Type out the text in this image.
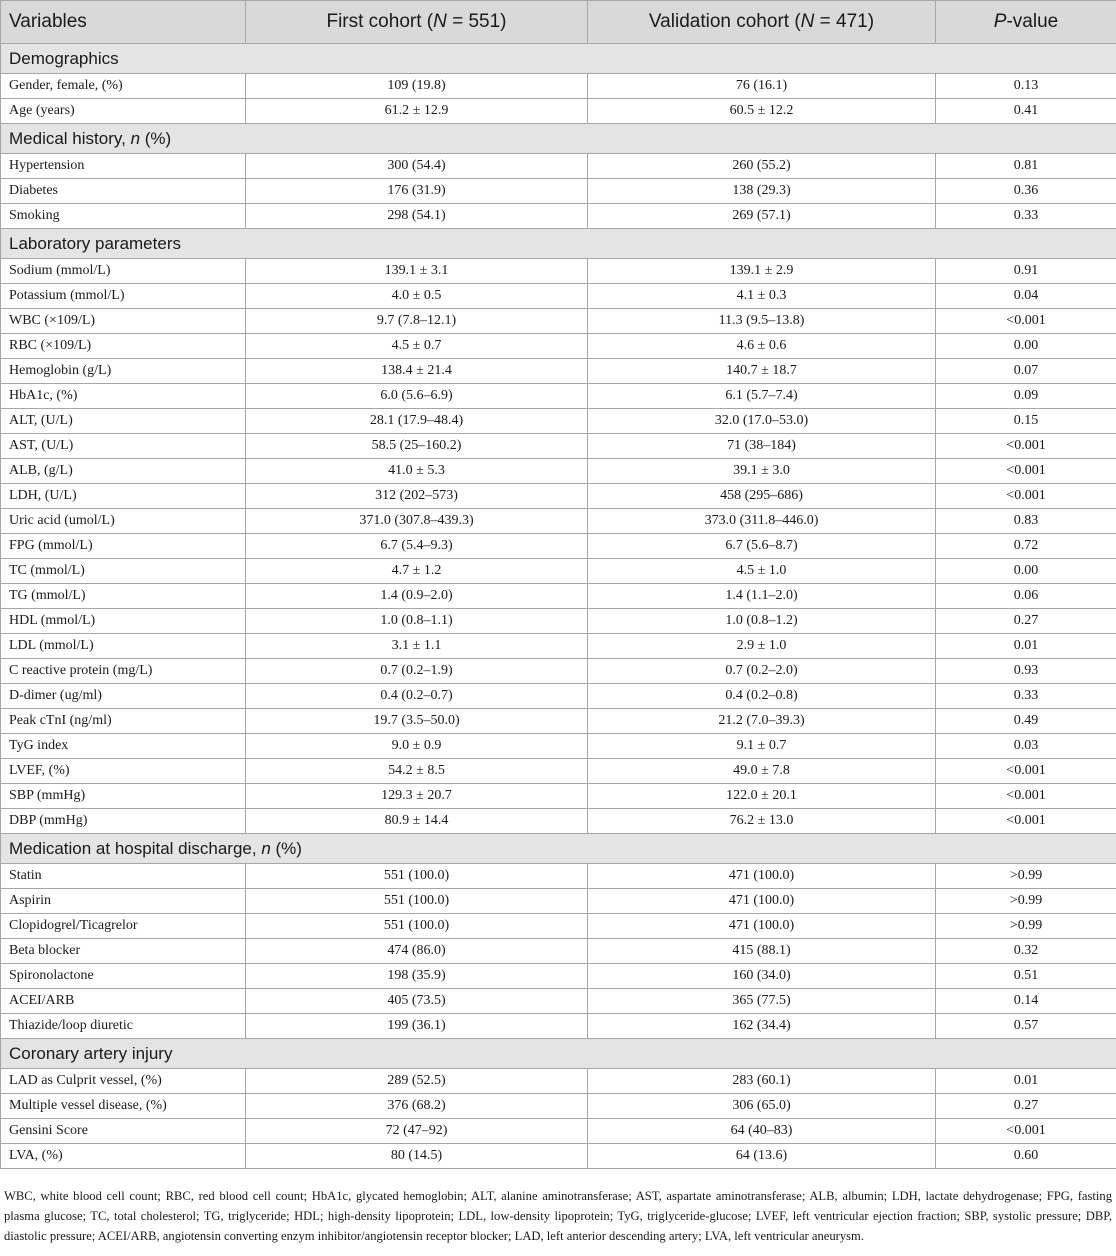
Variables	First cohort (N = 551)	Validation cohort (N = 471)	P-value
Demographics			
Gender, female, (%)	109 (19.8)	76 (16.1)	0.13
Age (years)	61.2 ± 12.9	60.5 ± 12.2	0.41
Medical history, n (%)			
Hypertension	300 (54.4)	260 (55.2)	0.81
Diabetes	176 (31.9)	138 (29.3)	0.36
Smoking	298 (54.1)	269 (57.1)	0.33
Laboratory parameters			
Sodium (mmol/L)	139.1 ± 3.1	139.1 ± 2.9	0.91
Potassium (mmol/L)	4.0 ± 0.5	4.1 ± 0.3	0.04
WBC (×109/L)	9.7 (7.8–12.1)	11.3 (9.5–13.8)	<0.001
RBC (×109/L)	4.5 ± 0.7	4.6 ± 0.6	0.00
Hemoglobin (g/L)	138.4 ± 21.4	140.7 ± 18.7	0.07
HbA1c, (%)	6.0 (5.6–6.9)	6.1 (5.7–7.4)	0.09
ALT, (U/L)	28.1 (17.9–48.4)	32.0 (17.0–53.0)	0.15
AST, (U/L)	58.5 (25–160.2)	71 (38–184)	<0.001
ALB, (g/L)	41.0 ± 5.3	39.1 ± 3.0	<0.001
LDH, (U/L)	312 (202–573)	458 (295–686)	<0.001
Uric acid (umol/L)	371.0 (307.8–439.3)	373.0 (311.8–446.0)	0.83
FPG (mmol/L)	6.7 (5.4–9.3)	6.7 (5.6–8.7)	0.72
TC (mmol/L)	4.7 ± 1.2	4.5 ± 1.0	0.00
TG (mmol/L)	1.4 (0.9–2.0)	1.4 (1.1–2.0)	0.06
HDL (mmol/L)	1.0 (0.8–1.1)	1.0 (0.8–1.2)	0.27
LDL (mmol/L)	3.1 ± 1.1	2.9 ± 1.0	0.01
C reactive protein (mg/L)	0.7 (0.2–1.9)	0.7 (0.2–2.0)	0.93
D-dimer (ug/ml)	0.4 (0.2–0.7)	0.4 (0.2–0.8)	0.33
Peak cTnI (ng/ml)	19.7 (3.5–50.0)	21.2 (7.0–39.3)	0.49
TyG index	9.0 ± 0.9	9.1 ± 0.7	0.03
LVEF, (%)	54.2 ± 8.5	49.0 ± 7.8	<0.001
SBP (mmHg)	129.3 ± 20.7	122.0 ± 20.1	<0.001
DBP (mmHg)	80.9 ± 14.4	76.2 ± 13.0	<0.001
Medication at hospital discharge, n (%)			
Statin	551 (100.0)	471 (100.0)	>0.99
Aspirin	551 (100.0)	471 (100.0)	>0.99
Clopidogrel/Ticagrelor	551 (100.0)	471 (100.0)	>0.99
Beta blocker	474 (86.0)	415 (88.1)	0.32
Spironolactone	198 (35.9)	160 (34.0)	0.51
ACEI/ARB	405 (73.5)	365 (77.5)	0.14
Thiazide/loop diuretic	199 (36.1)	162 (34.4)	0.57
Coronary artery injury			
LAD as Culprit vessel, (%)	289 (52.5)	283 (60.1)	0.01
Multiple vessel disease, (%)	376 (68.2)	306 (65.0)	0.27
Gensini Score	72 (47–92)	64 (40–83)	<0.001
LVA, (%)	80 (14.5)	64 (13.6)	0.60

WBC, white blood cell count; RBC, red blood cell count; HbA1c, glycated hemoglobin; ALT, alanine aminotransferase; AST, aspartate aminotransferase; ALB, albumin; LDH, lactate dehydrogenase; FPG, fasting plasma glucose; TC, total cholesterol; TG, triglyceride; HDL; high-density lipoprotein; LDL, low-density lipoprotein; TyG, triglyceride-glucose; LVEF, left ventricular ejection fraction; SBP, systolic pressure; DBP, diastolic pressure; ACEI/ARB, angiotensin converting enzym inhibitor/angiotensin receptor blocker; LAD, left anterior descending artery; LVA, left ventricular aneurysm.
